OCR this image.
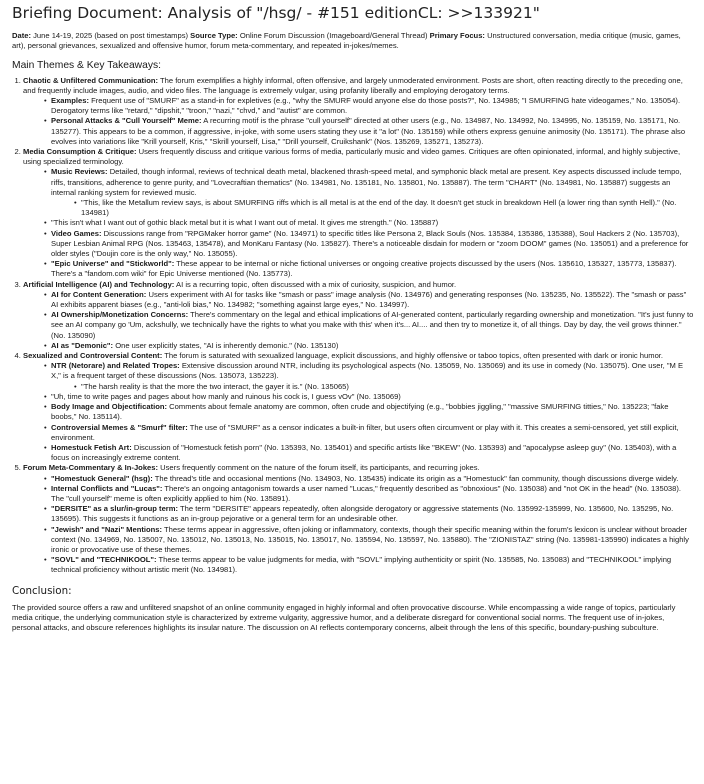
Briefing Document: Analysis of "/hsg/ - #151 editionCL: >>133921"

Date: June 14-19, 2025 (based on post timestamps) Source Type: Online Forum Discussion (Imageboard/General Thread) Primary Focus: Unstructured conversation, media critique (music, games, art), personal grievances, sexualized and offensive humor, forum meta-commentary, and repeated in-jokes/memes.

Main Themes & Key Takeaways:
1. Chaotic & Unfiltered Communication: The forum exemplifies a highly informal, often offensive, and largely unmoderated environment. Posts are short, often reacting directly to the preceding one, and frequently include images, audio, and video files. The language is extremely vulgar, using profanity liberally and employing derogatory terms.
• Examples: Frequent use of "SMURF" as a stand-in for expletives (e.g., "why the SMURF would anyone else do those posts?", No. 134985; "I SMURFING hate videogames," No. 135054). Derogatory terms like "retard," "dipshit," "troon," "nazi," "chvd," and "autist" are common.
• Personal Attacks & "Cull Yourself" Meme: A recurring motif is the phrase "cull yourself" directed at other users (e.g., No. 134987, No. 134992, No. 134995, No. 135159, No. 135171, No. 135277). This appears to be a common, if aggressive, in-joke, with some users stating they use it "a lot" (No. 135159) while others express genuine animosity (No. 135171). The phrase also evolves into variations like "Krill yourself, Kris," "Skrill yourself, Lisa," "Drill yourself, Cruikshank" (Nos. 135269, 135271, 135273).
2. Media Consumption & Critique: Users frequently discuss and critique various forms of media, particularly music and video games. Critiques are often opinionated, informal, and highly subjective, using specialized terminology.
• Music Reviews: Detailed, though informal, reviews of technical death metal, blackened thrash-speed metal, and symphonic black metal are present. Key aspects discussed include tempo, riffs, transitions, adherence to genre purity, and "Lovecraftian thematics" (No. 134981, No. 135181, No. 135801, No. 135887). The term "CHART" (No. 134981, No. 135887) suggests an internal ranking system for reviewed music.
• "This, like the Metallum review says, is about SMURFING riffs which is all metal is at the end of the day. It doesn't get stuck in breakdown Hell (a lower ring than synth Hell)." (No. 134981)
• "This isn't what I want out of gothic black metal but it is what I want out of metal. It gives me strength." (No. 135887)
• Video Games: Discussions range from "RPGMaker horror game" (No. 134971) to specific titles like Persona 2, Black Souls (Nos. 135384, 135386, 135388), Soul Hackers 2 (No. 135703), Super Lesbian Animal RPG (Nos. 135463, 135478), and MonKaru Fantasy (No. 135827). There's a noticeable disdain for modern or "zoom DOOM" games (No. 135051) and a preference for older styles ("Doujin core is the only way," No. 135055).
• "Epic Universe" and "Stickworld": These appear to be internal or niche fictional universes or ongoing creative projects discussed by the users (Nos. 135610, 135327, 135773, 135837). There's a "fandom.com wiki" for Epic Universe mentioned (No. 135773).
3. Artificial Intelligence (AI) and Technology: AI is a recurring topic, often discussed with a mix of curiosity, suspicion, and humor.
• AI for Content Generation: Users experiment with AI for tasks like "smash or pass" image analysis (No. 134976) and generating responses (No. 135235, No. 135522). The "smash or pass" AI exhibits apparent biases (e.g., "anti-loli bias," No. 134982; "something against large eyes," No. 134997).
• AI Ownership/Monetization Concerns: There's commentary on the legal and ethical implications of AI-generated content, particularly regarding ownership and monetization. "It's just funny to see an AI company go 'Um, ackshully, we technically have the rights to what you make with this' when it's... AI.... and then try to monetize it, of all things. Day by day, the veil grows thinner." (No. 135090)
• AI as "Demonic": One user explicitly states, "AI is inherently demonic." (No. 135130)
4. Sexualized and Controversial Content: The forum is saturated with sexualized language, explicit discussions, and highly offensive or taboo topics, often presented with dark or ironic humor.
• NTR (Netorare) and Related Tropes: Extensive discussion around NTR, including its psychological aspects (No. 135059, No. 135069) and its use in comedy (No. 135075). One user, "M E X," is a frequent target of these discussions (Nos. 135073, 135223).
• "The harsh reality is that the more the two interact, the gayer it is." (No. 135065)
• "Uh, time to write pages and pages about how manly and ruinous his cock is, I guess vOv" (No. 135069)
• Body Image and Objectification: Comments about female anatomy are common, often crude and objectifying (e.g., "bobbies jiggling," "massive SMURFING titties," No. 135223; "fake boobs," No. 135114).
• Controversial Memes & "Smurf" filter: The use of "SMURF" as a censor indicates a built-in filter, but users often circumvent or play with it. This creates a semi-censored, yet still explicit, environment.
• Homestuck Fetish Art: Discussion of "Homestuck fetish porn" (No. 135393, No. 135401) and specific artists like "BKEW" (No. 135393) and "apocalypse asleep guy" (No. 135403), with a focus on increasingly extreme content.
5. Forum Meta-Commentary & In-Jokes: Users frequently comment on the nature of the forum itself, its participants, and recurring jokes.
• "Homestuck General" (hsg): The thread's title and occasional mentions (No. 134903, No. 135435) indicate its origin as a "Homestuck" fan community, though discussions diverge widely.
• Internal Conflicts and "Lucas": There's an ongoing antagonism towards a user named "Lucas," frequently described as "obnoxious" (No. 135038) and "not OK in the head" (No. 135038). The "cull yourself" meme is often explicitly applied to him (No. 135891).
• "DERSITE" as a slur/in-group term: The term "DERSITE" appears repeatedly, often alongside derogatory or aggressive statements (No. 135992-135999, No. 135600, No. 135295, No. 135695). This suggests it functions as an in-group pejorative or a general term for an undesirable other.
• "Jewish" and "Nazi" Mentions: These terms appear in aggressive, often joking or inflammatory, contexts, though their specific meaning within the forum's lexicon is unclear without broader context (No. 134969, No. 135007, No. 135012, No. 135013, No. 135015, No. 135017, No. 135594, No. 135597, No. 135880). The "ZIONISTAZ" string (No. 135981-135990) indicates a highly ironic or provocative use of these themes.
• "SOVL" and "TECHNIKOOL": These terms appear to be value judgments for media, with "SOVL" implying authenticity or spirit (No. 135585, No. 135083) and "TECHNIKOOL" implying technical proficiency without artistic merit (No. 134981).
Conclusion:

The provided source offers a raw and unfiltered snapshot of an online community engaged in highly informal and often provocative discourse. While encompassing a wide range of topics, particularly media critique, the underlying communication style is characterized by extreme vulgarity, aggressive humor, and a deliberate disregard for conventional social norms. The frequent use of in-jokes, personal attacks, and obscure references highlights its insular nature. The discussion on AI reflects contemporary concerns, albeit through the lens of this specific, boundary-pushing subculture.
